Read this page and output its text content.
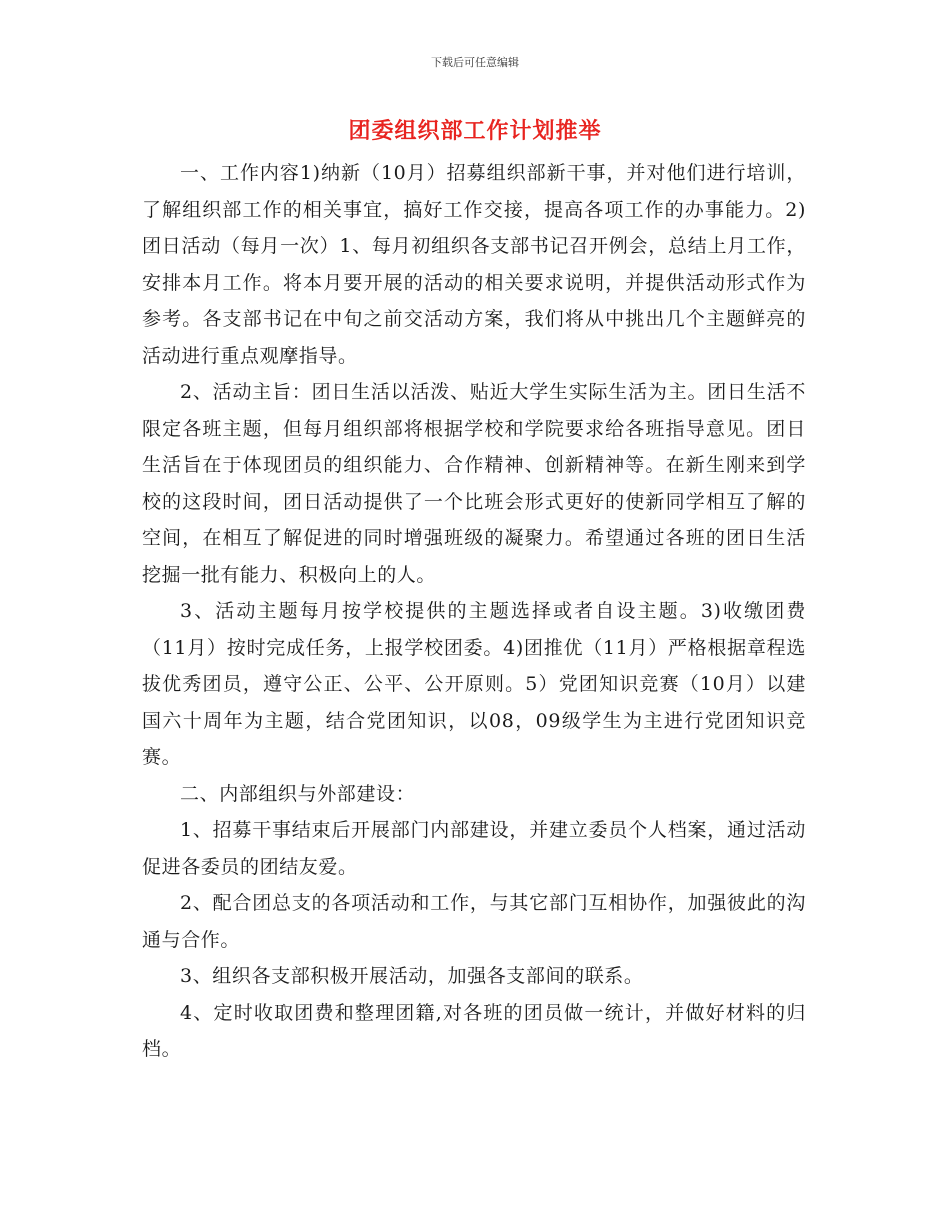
下载后可任意编辑
团委组织部工作计划推举

一、工作内容1)纳新（10月）招募组织部新干事，并对他们进行培训，了解组织部工作的相关事宜，搞好工作交接，提高各项工作的办事能力。2)团日活动（每月一次）1、每月初组织各支部书记召开例会，总结上月工作，安排本月工作。将本月要开展的活动的相关要求说明，并提供活动形式作为参考。各支部书记在中旬之前交活动方案，我们将从中挑出几个主题鲜亮的活动进行重点观摩指导。

2、活动主旨：团日生活以活泼、贴近大学生实际生活为主。团日生活不限定各班主题，但每月组织部将根据学校和学院要求给各班指导意见。团日生活旨在于体现团员的组织能力、合作精神、创新精神等。在新生刚来到学校的这段时间，团日活动提供了一个比班会形式更好的使新同学相互了解的空间，在相互了解促进的同时增强班级的凝聚力。希望通过各班的团日生活挖掘一批有能力、积极向上的人。

3、活动主题每月按学校提供的主题选择或者自设主题。3)收缴团费（11月）按时完成任务，上报学校团委。4)团推优（11月）严格根据章程选拔优秀团员，遵守公正、公平、公开原则。5）党团知识竞赛（10月）以建国六十周年为主题，结合党团知识，以08，09级学生为主进行党团知识竞赛。

二、内部组织与外部建设：

1、招募干事结束后开展部门内部建设，并建立委员个人档案，通过活动促进各委员的团结友爱。

2、配合团总支的各项活动和工作，与其它部门互相协作，加强彼此的沟通与合作。

3、组织各支部积极开展活动，加强各支部间的联系。

4、定时收取团费和整理团籍,对各班的团员做一统计，并做好材料的归档。
